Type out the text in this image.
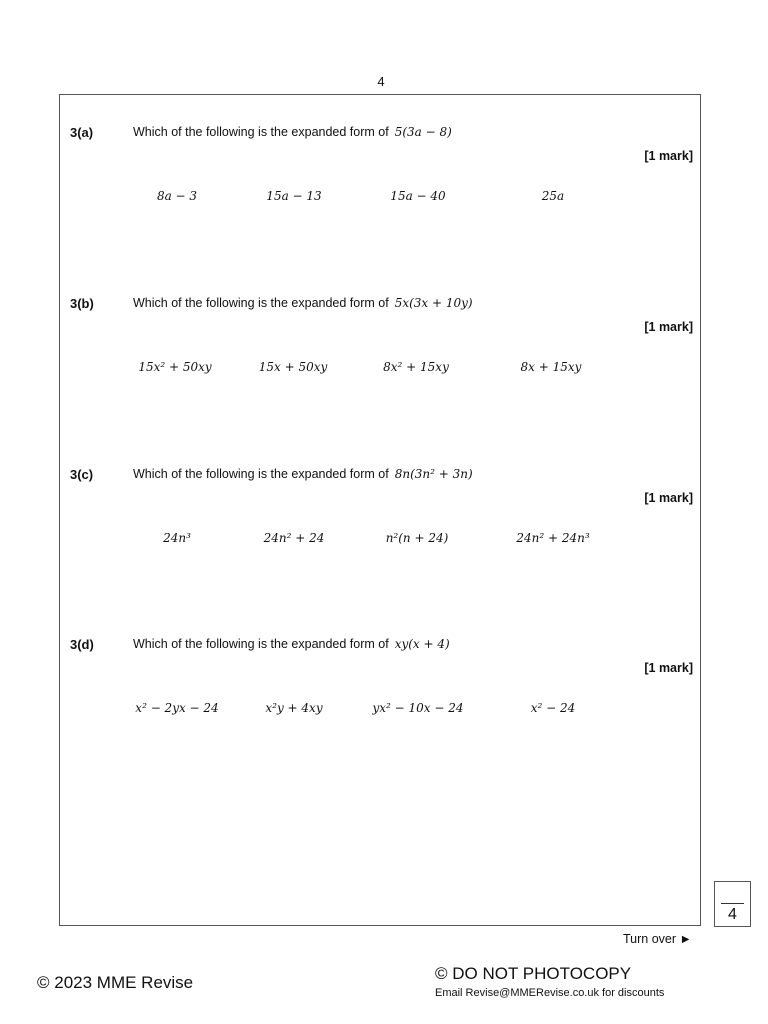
4
3(a)	Which of the following is the expanded form of 5(3a − 8)
[1 mark]
8a − 3	15a − 13	15a − 40	25a
3(b)	Which of the following is the expanded form of 5x(3x + 10y)
[1 mark]
15x² + 50xy	15x + 50xy	8x² + 15xy	8x + 15xy
3(c)	Which of the following is the expanded form of 8n(3n² + 3n)
[1 mark]
24n³	24n² + 24	n²(n + 24)	24n² + 24n³
3(d)	Which of the following is the expanded form of xy(x + 4)
[1 mark]
x² − 2yx − 24	x²y + 4xy	yx² − 10x − 24	x² − 24
4
Turn over ►
© 2023 MME Revise	© DO NOT PHOTOCOPY
Email Revise@MMERevise.co.uk for discounts
